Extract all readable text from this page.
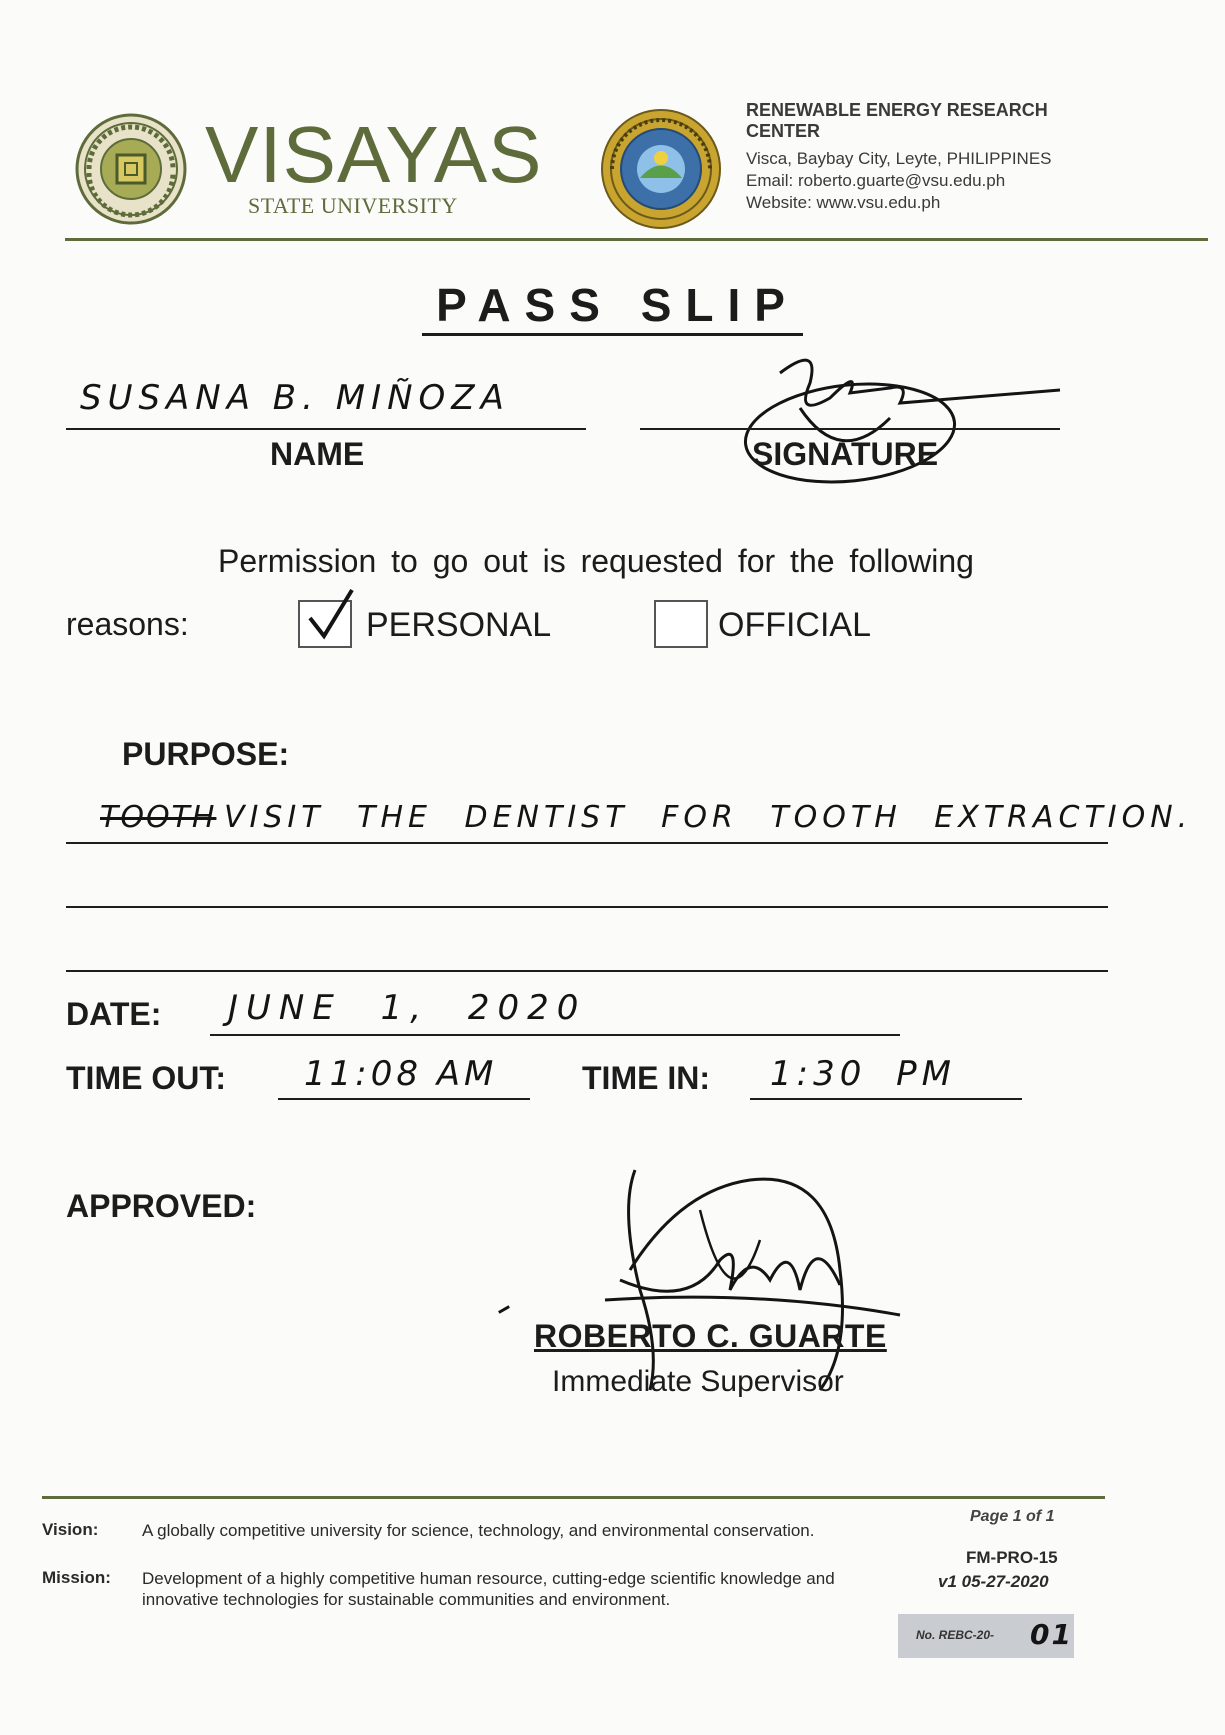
VISAYAS
STATE UNIVERSITY
RENEWABLE ENERGY RESEARCH CENTER
Visca, Baybay City, Leyte, PHILIPPINES
Email: roberto.guarte@vsu.edu.ph
Website: www.vsu.edu.ph
PASS SLIP
SUSANA B. MIÑOZA
NAME	SIGNATURE
Permission to go out is requested for the following
reasons:	PERSONAL	OFFICIAL
PURPOSE:
TOOTH VISIT THE DENTIST FOR TOOTH EXTRACTION.
DATE: JUNE 1, 2020
TIME OUT: 11:08 AM	TIME IN: 1:30 PM
APPROVED:
ROBERTO C. GUARTE
Immediate Supervisor
Vision:	A globally competitive university for science, technology, and environmental conservation.
Mission: Development of a highly competitive human resource, cutting-edge scientific knowledge and innovative technologies for sustainable communities and environment.
Page 1 of 1
FM-PRO-15
v1 05-27-2020
No. REBC-20- 01
